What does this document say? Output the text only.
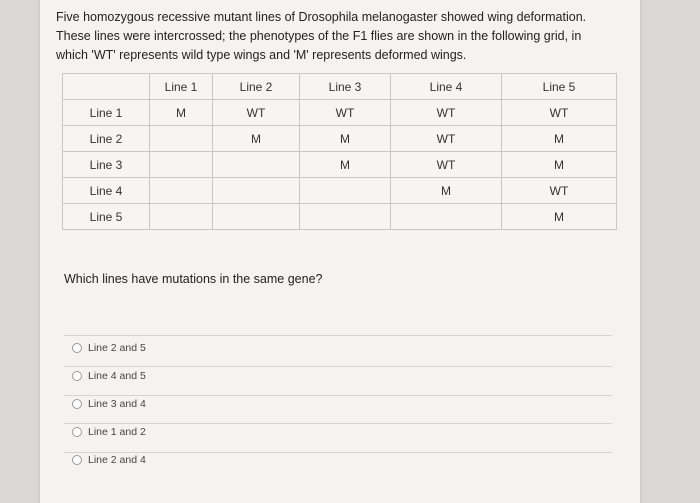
Five homozygous recessive mutant lines of Drosophila melanogaster showed wing deformation. These lines were intercrossed; the phenotypes of the F1 flies are shown in the following grid, in which 'WT' represents wild type wings and 'M' represents deformed wings.
	Line 1	Line 2	Line 3	Line 4	Line 5
Line 1	M	WT	WT	WT	WT
Line 2		M	M	WT	M
Line 3			M	WT	M
Line 4				M	WT
Line 5					M
Which lines have mutations in the same gene?
Line 2 and 5
Line 4 and 5
Line 3 and 4
Line 1 and 2
Line 2 and 4
